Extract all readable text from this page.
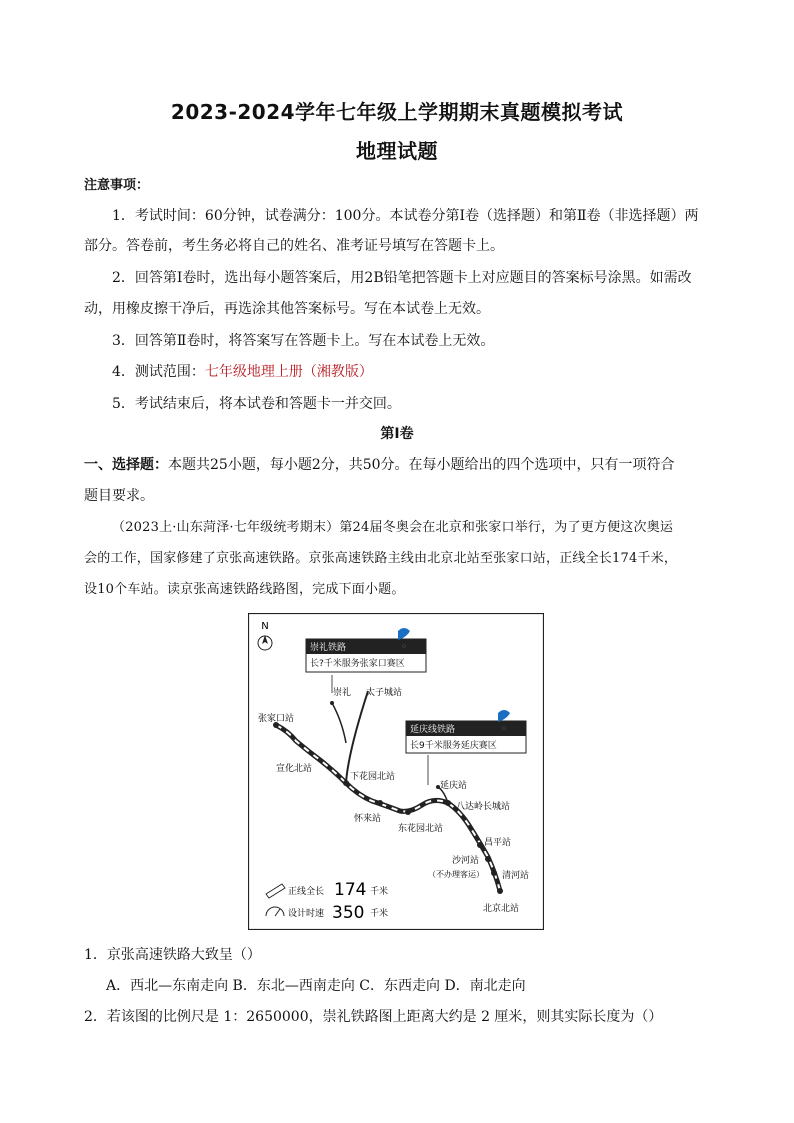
2023-2024学年七年级上学期期末真题模拟考试
地理试题
注意事项：
1．考试时间：60分钟，试卷满分：100分。本试卷分第Ⅰ卷（选择题）和第Ⅱ卷（非选择题）两
部分。答卷前，考生务必将自己的姓名、准考证号填写在答题卡上。
2．回答第Ⅰ卷时，选出每小题答案后，用2B铅笔把答题卡上对应题目的答案标号涂黑。如需改
动，用橡皮擦干净后，再选涂其他答案标号。写在本试卷上无效。
3．回答第Ⅱ卷时，将答案写在答题卡上。写在本试卷上无效。
4．测试范围：七年级地理上册（湘教版）
5．考试结束后，将本试卷和答题卡一并交回。
第Ⅰ卷
一、选择题：本题共25小题，每小题2分，共50分。在每小题给出的四个选项中，只有一项符合
题目要求。
（2023上·山东菏泽·七年级统考期末）第24届冬奥会在北京和张家口举行，为了更方便这次奥运
会的工作，国家修建了京张高速铁路。京张高速铁路主线由北京北站至张家口站，正线全长174千米，
设10个车站。读京张高速铁路线路图，完成下面小题。
N
崇礼铁路
长?千米服务张家口赛区
延庆线铁路
长9千米服务延庆赛区
崇礼 太子城站
张家口站
宣化北站
下花园北站
怀来站
东花园北站
延庆站
八达岭长城站
昌平站
沙河站
（不办理客运） 清河站
北京北站
正线全长 174 千米
设计时速 350 千米
1．京张高速铁路大致呈（）
A．西北—东南走向 B．东北—西南走向 C．东西走向 D．南北走向
2．若该图的比例尺是 1：2650000，崇礼铁路图上距离大约是 2 厘米，则其实际长度为（）
